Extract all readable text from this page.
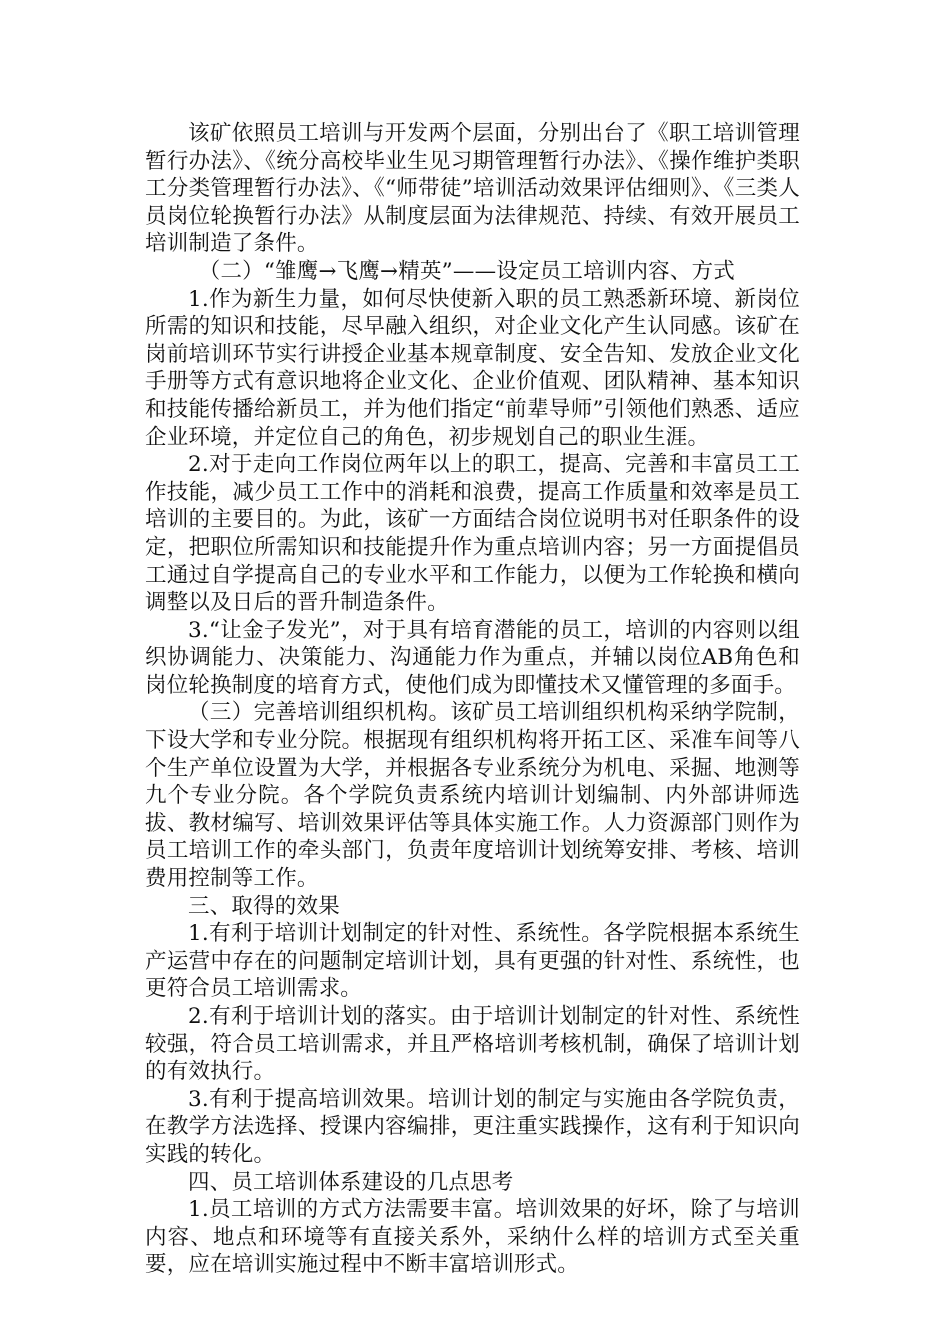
该矿依照员工培训与开发两个层面，分别出台了《职工培训管理暂行办法》、《统分高校毕业生见习期管理暂行办法》、《操作维护类职工分类管理暂行办法》、《“师带徒”培训活动效果评估细则》、《三类人员岗位轮换暂行办法》从制度层面为法律规范、持续、有效开展员工培训制造了条件。

（二）“雏鹰→飞鹰→精英”——设定员工培训内容、方式

1.作为新生力量，如何尽快使新入职的员工熟悉新环境、新岗位所需的知识和技能，尽早融入组织，对企业文化产生认同感。该矿在岗前培训环节实行讲授企业基本规章制度、安全告知、发放企业文化手册等方式有意识地将企业文化、企业价值观、团队精神、基本知识和技能传播给新员工，并为他们指定“前辈导师”引领他们熟悉、适应企业环境，并定位自己的角色，初步规划自己的职业生涯。

2.对于走向工作岗位两年以上的职工，提高、完善和丰富员工工作技能，减少员工工作中的消耗和浪费，提高工作质量和效率是员工培训的主要目的。为此，该矿一方面结合岗位说明书对任职条件的设定，把职位所需知识和技能提升作为重点培训内容；另一方面提倡员工通过自学提高自己的专业水平和工作能力，以便为工作轮换和横向调整以及日后的晋升制造条件。

3.“让金子发光”，对于具有培育潜能的员工，培训的内容则以组织协调能力、决策能力、沟通能力作为重点，并辅以岗位AB角色和岗位轮换制度的培育方式，使他们成为即懂技术又懂管理的多面手。

（三）完善培训组织机构。该矿员工培训组织机构采纳学院制，下设大学和专业分院。根据现有组织机构将开拓工区、采准车间等八个生产单位设置为大学，并根据各专业系统分为机电、采掘、地测等九个专业分院。各个学院负责系统内培训计划编制、内外部讲师选拔、教材编写、培训效果评估等具体实施工作。人力资源部门则作为员工培训工作的牵头部门，负责年度培训计划统筹安排、考核、培训费用控制等工作。

三、取得的效果

1.有利于培训计划制定的针对性、系统性。各学院根据本系统生产运营中存在的问题制定培训计划，具有更强的针对性、系统性，也更符合员工培训需求。

2.有利于培训计划的落实。由于培训计划制定的针对性、系统性较强，符合员工培训需求，并且严格培训考核机制，确保了培训计划的有效执行。

3.有利于提高培训效果。培训计划的制定与实施由各学院负责，在教学方法选择、授课内容编排，更注重实践操作，这有利于知识向实践的转化。

四、员工培训体系建设的几点思考

1.员工培训的方式方法需要丰富。培训效果的好坏，除了与培训内容、地点和环境等有直接关系外，采纳什么样的培训方式至关重要，应在培训实施过程中不断丰富培训形式。
